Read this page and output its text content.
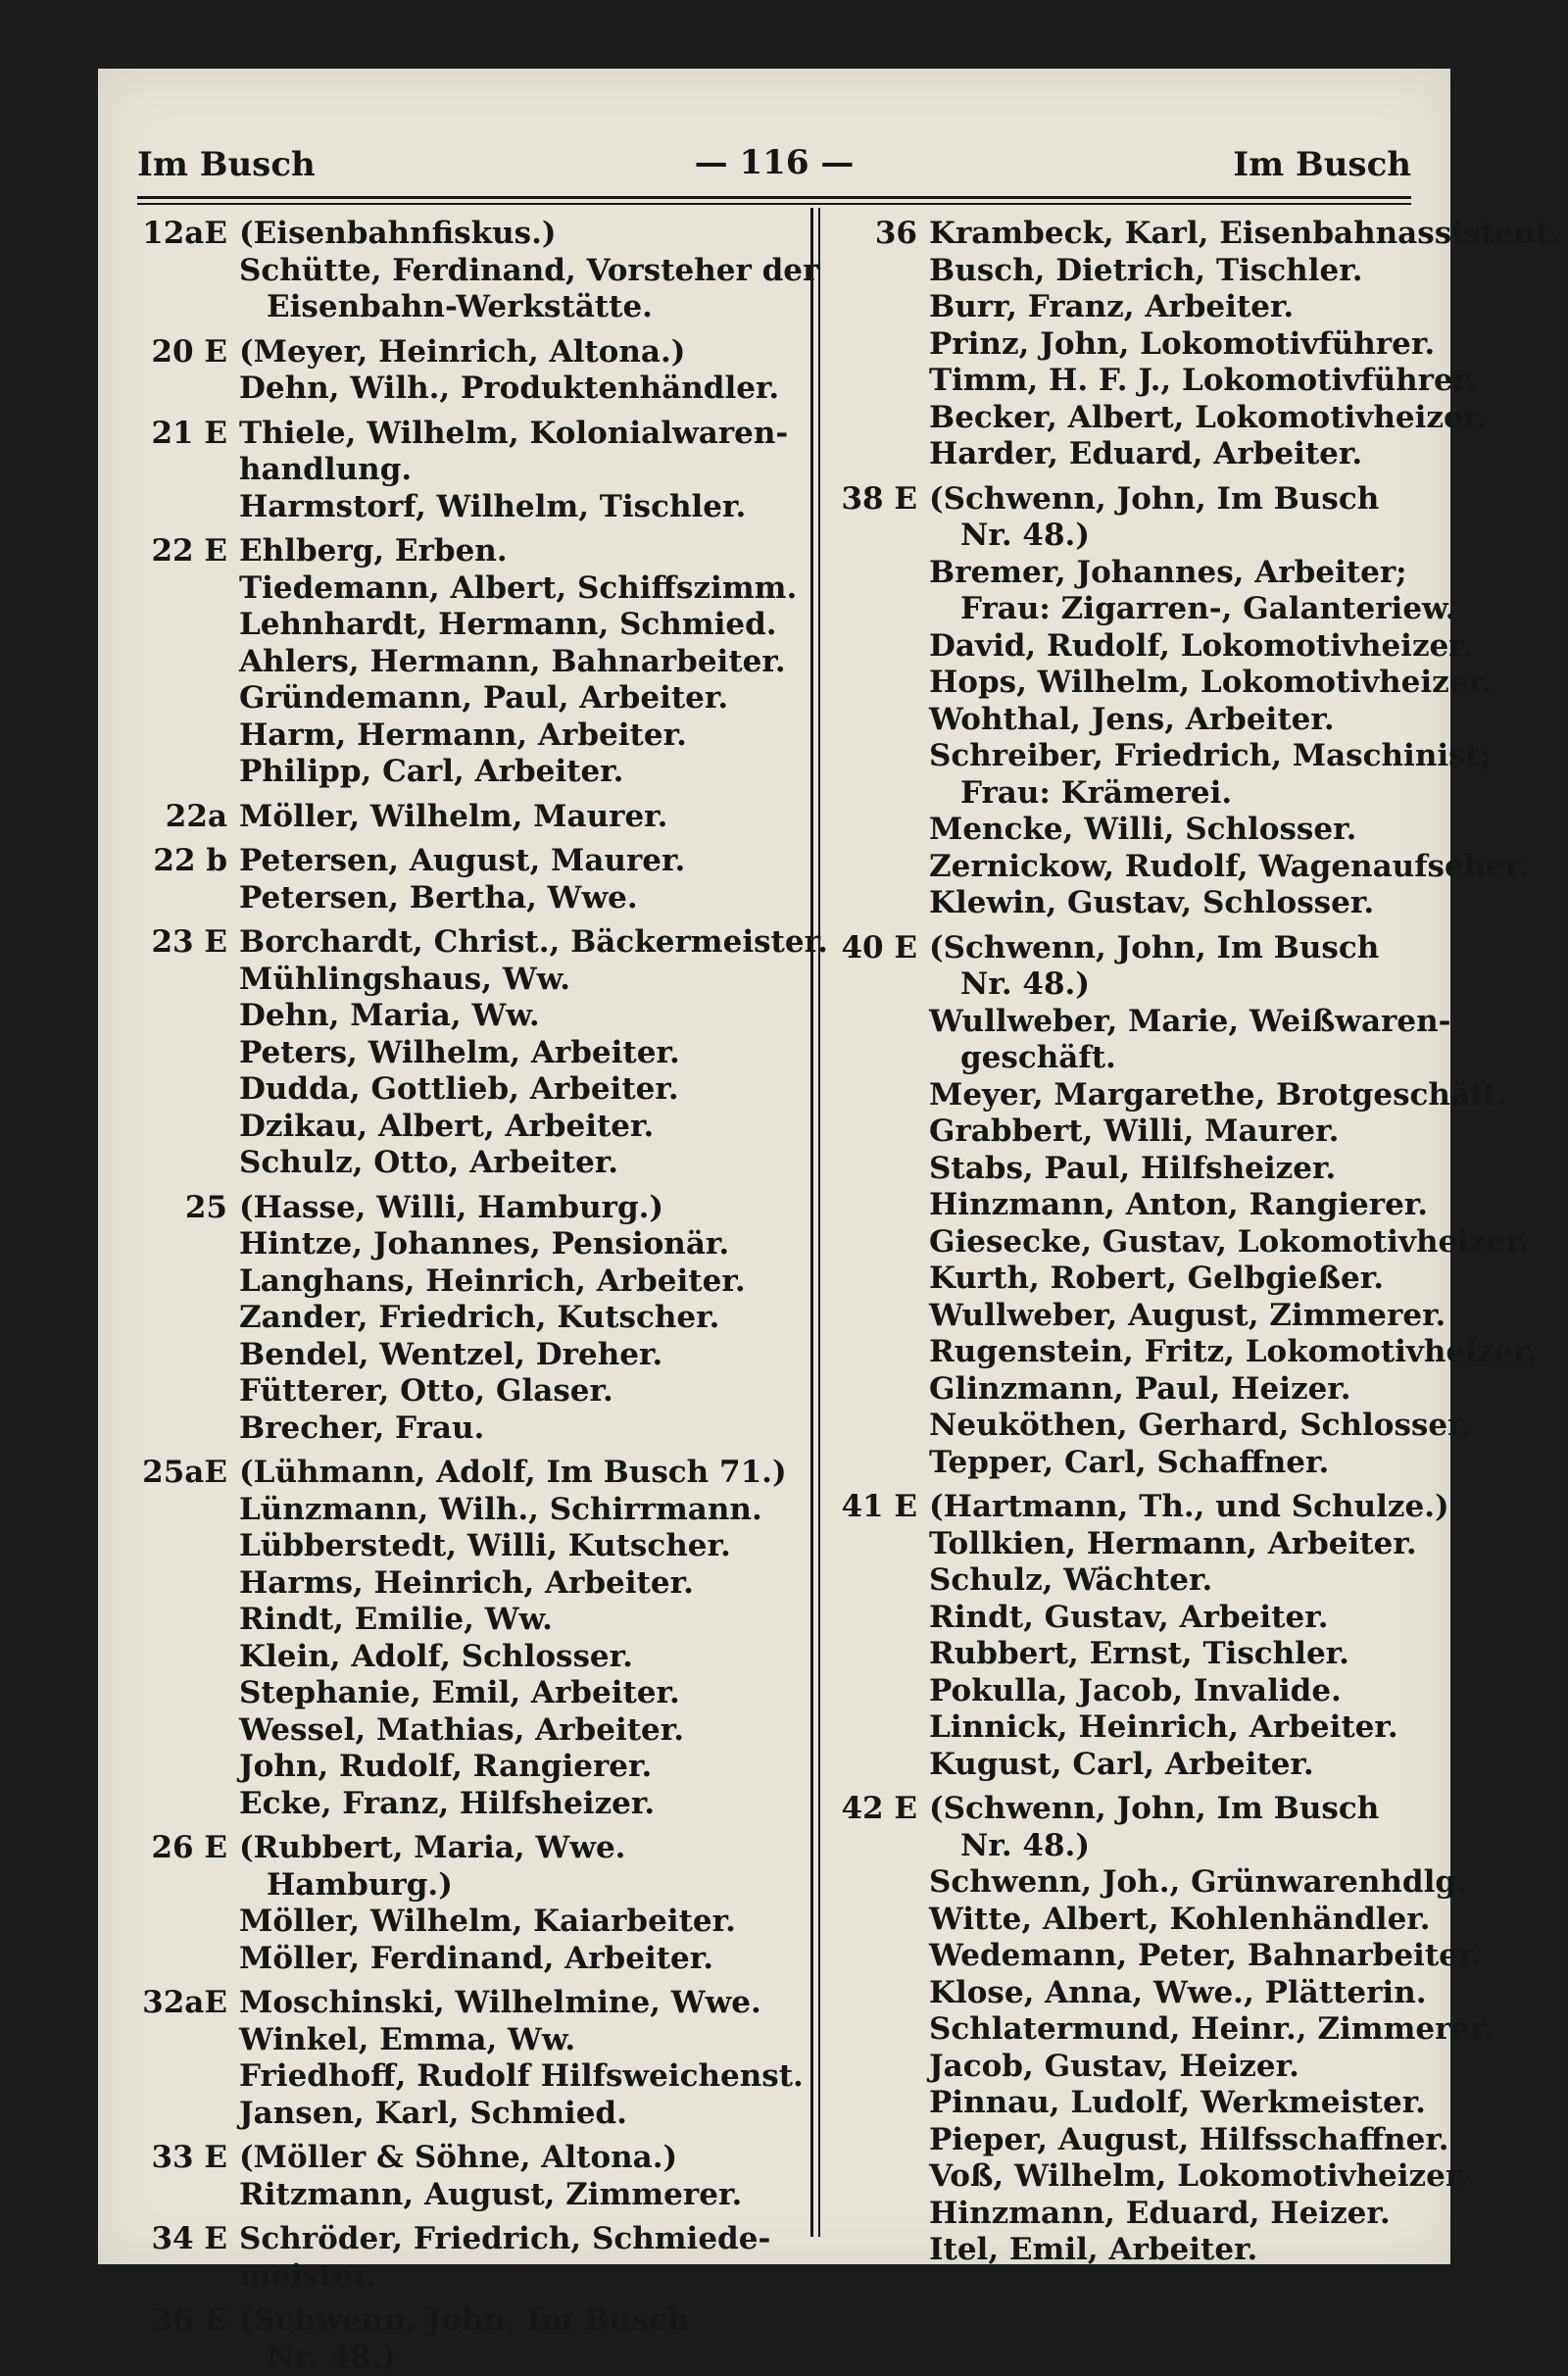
Im Busch	— 116 —	Im Busch
12aE (Eisenbahnfiskus.)
Schütte, Ferdinand, Vorsteher der
Eisenbahn-Werkstätte.
20 E (Meyer, Heinrich, Altona.)
Dehn, Wilh., Produktenhändler.
21 E Thiele, Wilhelm, Kolonialwaren-
handlung.
Harmstorf, Wilhelm, Tischler.
22 E Ehlberg, Erben.
Tiedemann, Albert, Schiffszimm.
Lehnhardt, Hermann, Schmied.
Ahlers, Hermann, Bahnarbeiter.
Gründemann, Paul, Arbeiter.
Harm, Hermann, Arbeiter.
Philipp, Carl, Arbeiter.
22a Möller, Wilhelm, Maurer.
22 b Petersen, August, Maurer.
Petersen, Bertha, Wwe.
23 E Borchardt, Christ., Bäckermeister.
Mühlingshaus, Ww.
Dehn, Maria, Ww.
Peters, Wilhelm, Arbeiter.
Dudda, Gottlieb, Arbeiter.
Dzikau, Albert, Arbeiter.
Schulz, Otto, Arbeiter.
25 (Hasse, Willi, Hamburg.)
Hintze, Johannes, Pensionär.
Langhans, Heinrich, Arbeiter.
Zander, Friedrich, Kutscher.
Bendel, Wentzel, Dreher.
Fütterer, Otto, Glaser.
Brecher, Frau.
25aE (Lühmann, Adolf, Im Busch 71.)
Lünzmann, Wilh., Schirrmann.
Lübberstedt, Willi, Kutscher.
Harms, Heinrich, Arbeiter.
Rindt, Emilie, Ww.
Klein, Adolf, Schlosser.
Stephanie, Emil, Arbeiter.
Wessel, Mathias, Arbeiter.
John, Rudolf, Rangierer.
Ecke, Franz, Hilfsheizer.
26 E (Rubbert, Maria, Wwe.
Hamburg.)
Möller, Wilhelm, Kaiarbeiter.
Möller, Ferdinand, Arbeiter.
32aE Moschinski, Wilhelmine, Wwe.
Winkel, Emma, Ww.
Friedhoff, Rudolf Hilfsweichenst.
Jansen, Karl, Schmied.
33 E (Möller & Söhne, Altona.)
Ritzmann, August, Zimmerer.
34 E Schröder, Friedrich, Schmiede-
meister.
36 E (Schwenn, John, Im Busch
Nr. 48.)
36 Krambeck, Karl, Eisenbahnassistent.
Busch, Dietrich, Tischler.
Burr, Franz, Arbeiter.
Prinz, John, Lokomotivführer.
Timm, H. F. J., Lokomotivführer.
Becker, Albert, Lokomotivheizer.
Harder, Eduard, Arbeiter.
38 E (Schwenn, John, Im Busch
Nr. 48.)
Bremer, Johannes, Arbeiter;
Frau: Zigarren-, Galanteriew.
David, Rudolf, Lokomotivheizer.
Hops, Wilhelm, Lokomotivheizer.
Wohthal, Jens, Arbeiter.
Schreiber, Friedrich, Maschinist;
Frau: Krämerei.
Mencke, Willi, Schlosser.
Zernickow, Rudolf, Wagenaufseher.
Klewin, Gustav, Schlosser.
40 E (Schwenn, John, Im Busch
Nr. 48.)
Wullweber, Marie, Weißwaren-
geschäft.
Meyer, Margarethe, Brotgeschäft.
Grabbert, Willi, Maurer.
Stabs, Paul, Hilfsheizer.
Hinzmann, Anton, Rangierer.
Giesecke, Gustav, Lokomotivheizer.
Kurth, Robert, Gelbgießer.
Wullweber, August, Zimmerer.
Rugenstein, Fritz, Lokomotivheizer.
Glinzmann, Paul, Heizer.
Neuköthen, Gerhard, Schlosser.
Tepper, Carl, Schaffner.
41 E (Hartmann, Th., und Schulze.)
Tollkien, Hermann, Arbeiter.
Schulz, Wächter.
Rindt, Gustav, Arbeiter.
Rubbert, Ernst, Tischler.
Pokulla, Jacob, Invalide.
Linnick, Heinrich, Arbeiter.
Kugust, Carl, Arbeiter.
42 E (Schwenn, John, Im Busch
Nr. 48.)
Schwenn, Joh., Grünwarenhdlg.
Witte, Albert, Kohlenhändler.
Wedemann, Peter, Bahnarbeiter.
Klose, Anna, Wwe., Plätterin.
Schlatermund, Heinr., Zimmerer.
Jacob, Gustav, Heizer.
Pinnau, Ludolf, Werkmeister.
Pieper, August, Hilfsschaffner.
Voß, Wilhelm, Lokomotivheizer.
Hinzmann, Eduard, Heizer.
Itel, Emil, Arbeiter.
